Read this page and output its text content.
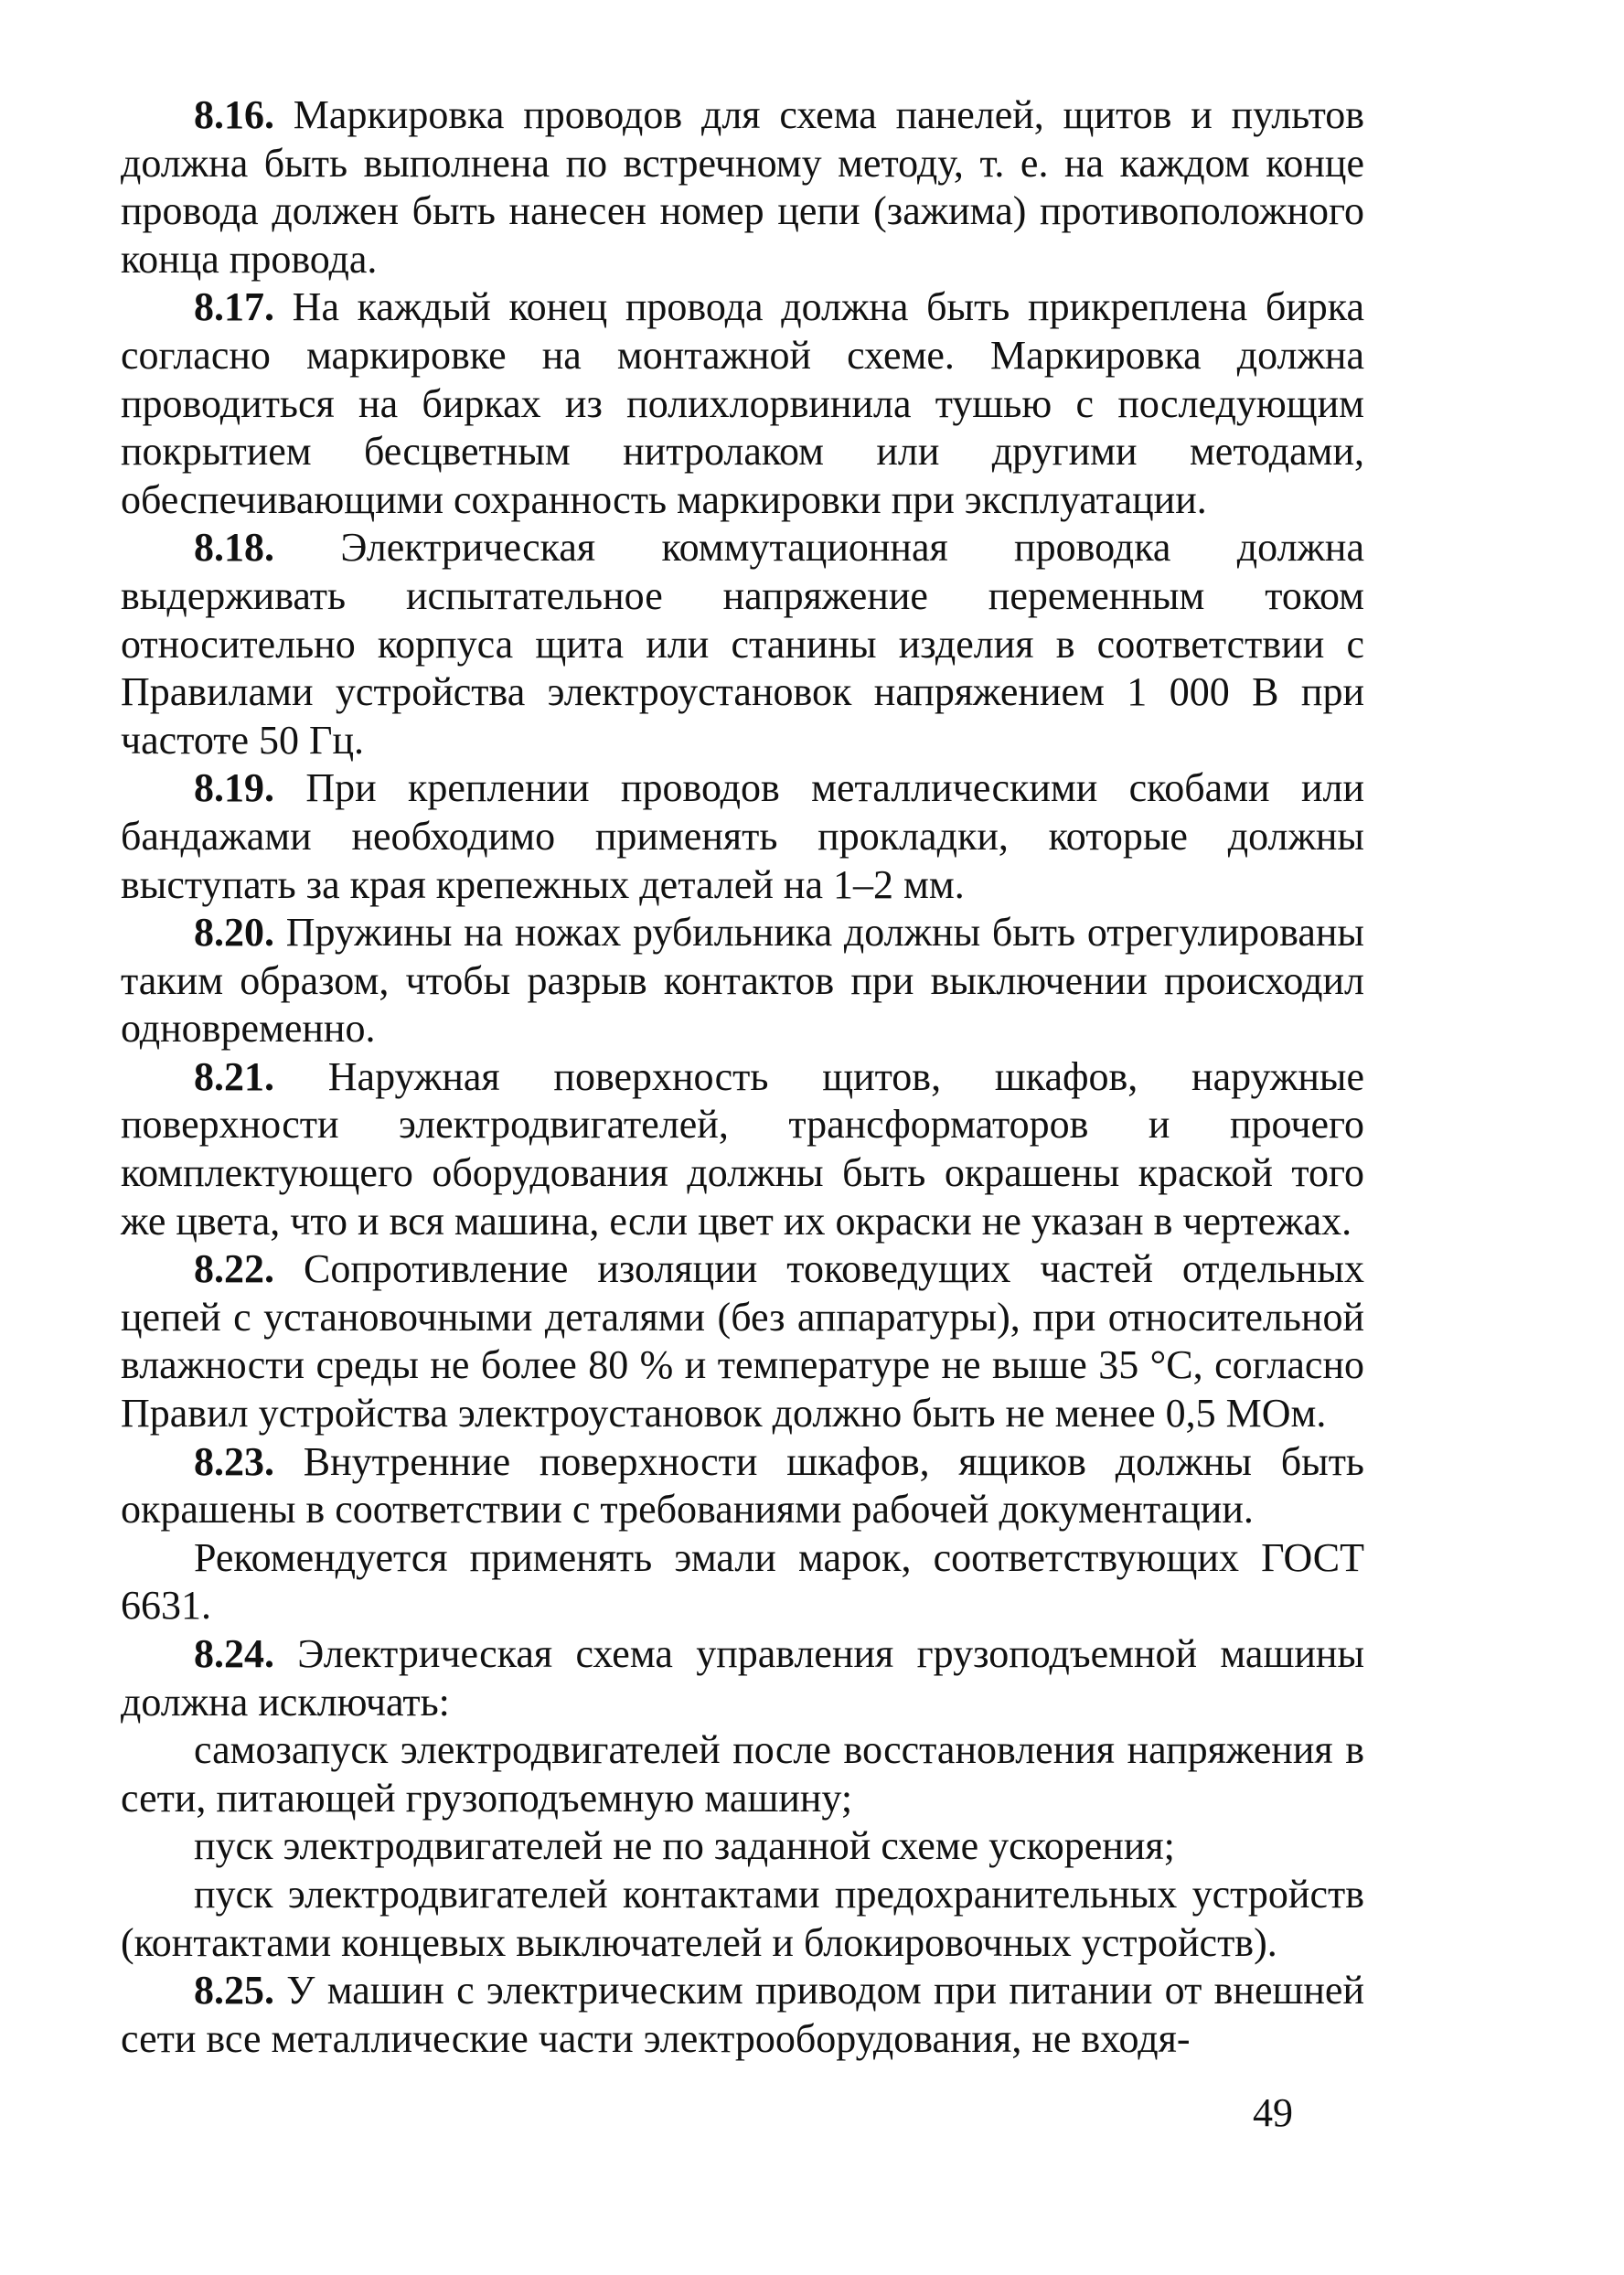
8.16. Маркировка проводов для схема панелей, щитов и пультов должна быть выполнена по встречному методу, т. е. на каждом конце провода должен быть нанесен номер цепи (зажима) противоположного конца провода.

8.17. На каждый конец провода должна быть прикреплена бирка согласно маркировке на монтажной схеме. Маркировка должна проводиться на бирках из полихлорвинила тушью с последующим покрытием бесцветным нитролаком или другими методами, обеспечивающими сохранность маркировки при эксплуатации.

8.18. Электрическая коммутационная проводка должна выдерживать испытательное напряжение переменным током относительно корпуса щита или станины изделия в соответствии с Правилами устройства электроустановок напряжением 1 000 В при частоте 50 Гц.

8.19. При креплении проводов металлическими скобами или бандажами необходимо применять прокладки, которые должны выступать за края крепежных деталей на 1–2 мм.

8.20. Пружины на ножах рубильника должны быть отрегулированы таким образом, чтобы разрыв контактов при выключении происходил одновременно.

8.21. Наружная поверхность щитов, шкафов, наружные поверхности электродвигателей, трансформаторов и прочего комплектующего оборудования должны быть окрашены краской того же цвета, что и вся машина, если цвет их окраски не указан в чертежах.

8.22. Сопротивление изоляции токоведущих частей отдельных цепей с установочными деталями (без аппаратуры), при относительной влажности среды не более 80 % и температуре не выше 35 °С, согласно Правил устройства электроустановок должно быть не менее 0,5 МОм.

8.23. Внутренние поверхности шкафов, ящиков должны быть окрашены в соответствии с требованиями рабочей документации.

Рекомендуется применять эмали марок, соответствующих ГОСТ 6631.

8.24. Электрическая схема управления грузоподъемной машины должна исключать:

самозапуск электродвигателей после восстановления напряжения в сети, питающей грузоподъемную машину;

пуск электродвигателей не по заданной схеме ускорения;

пуск электродвигателей контактами предохранительных устройств (контактами концевых выключателей и блокировочных устройств).

8.25. У машин с электрическим приводом при питании от внешней сети все металлические части электрооборудования, не входя-

49
